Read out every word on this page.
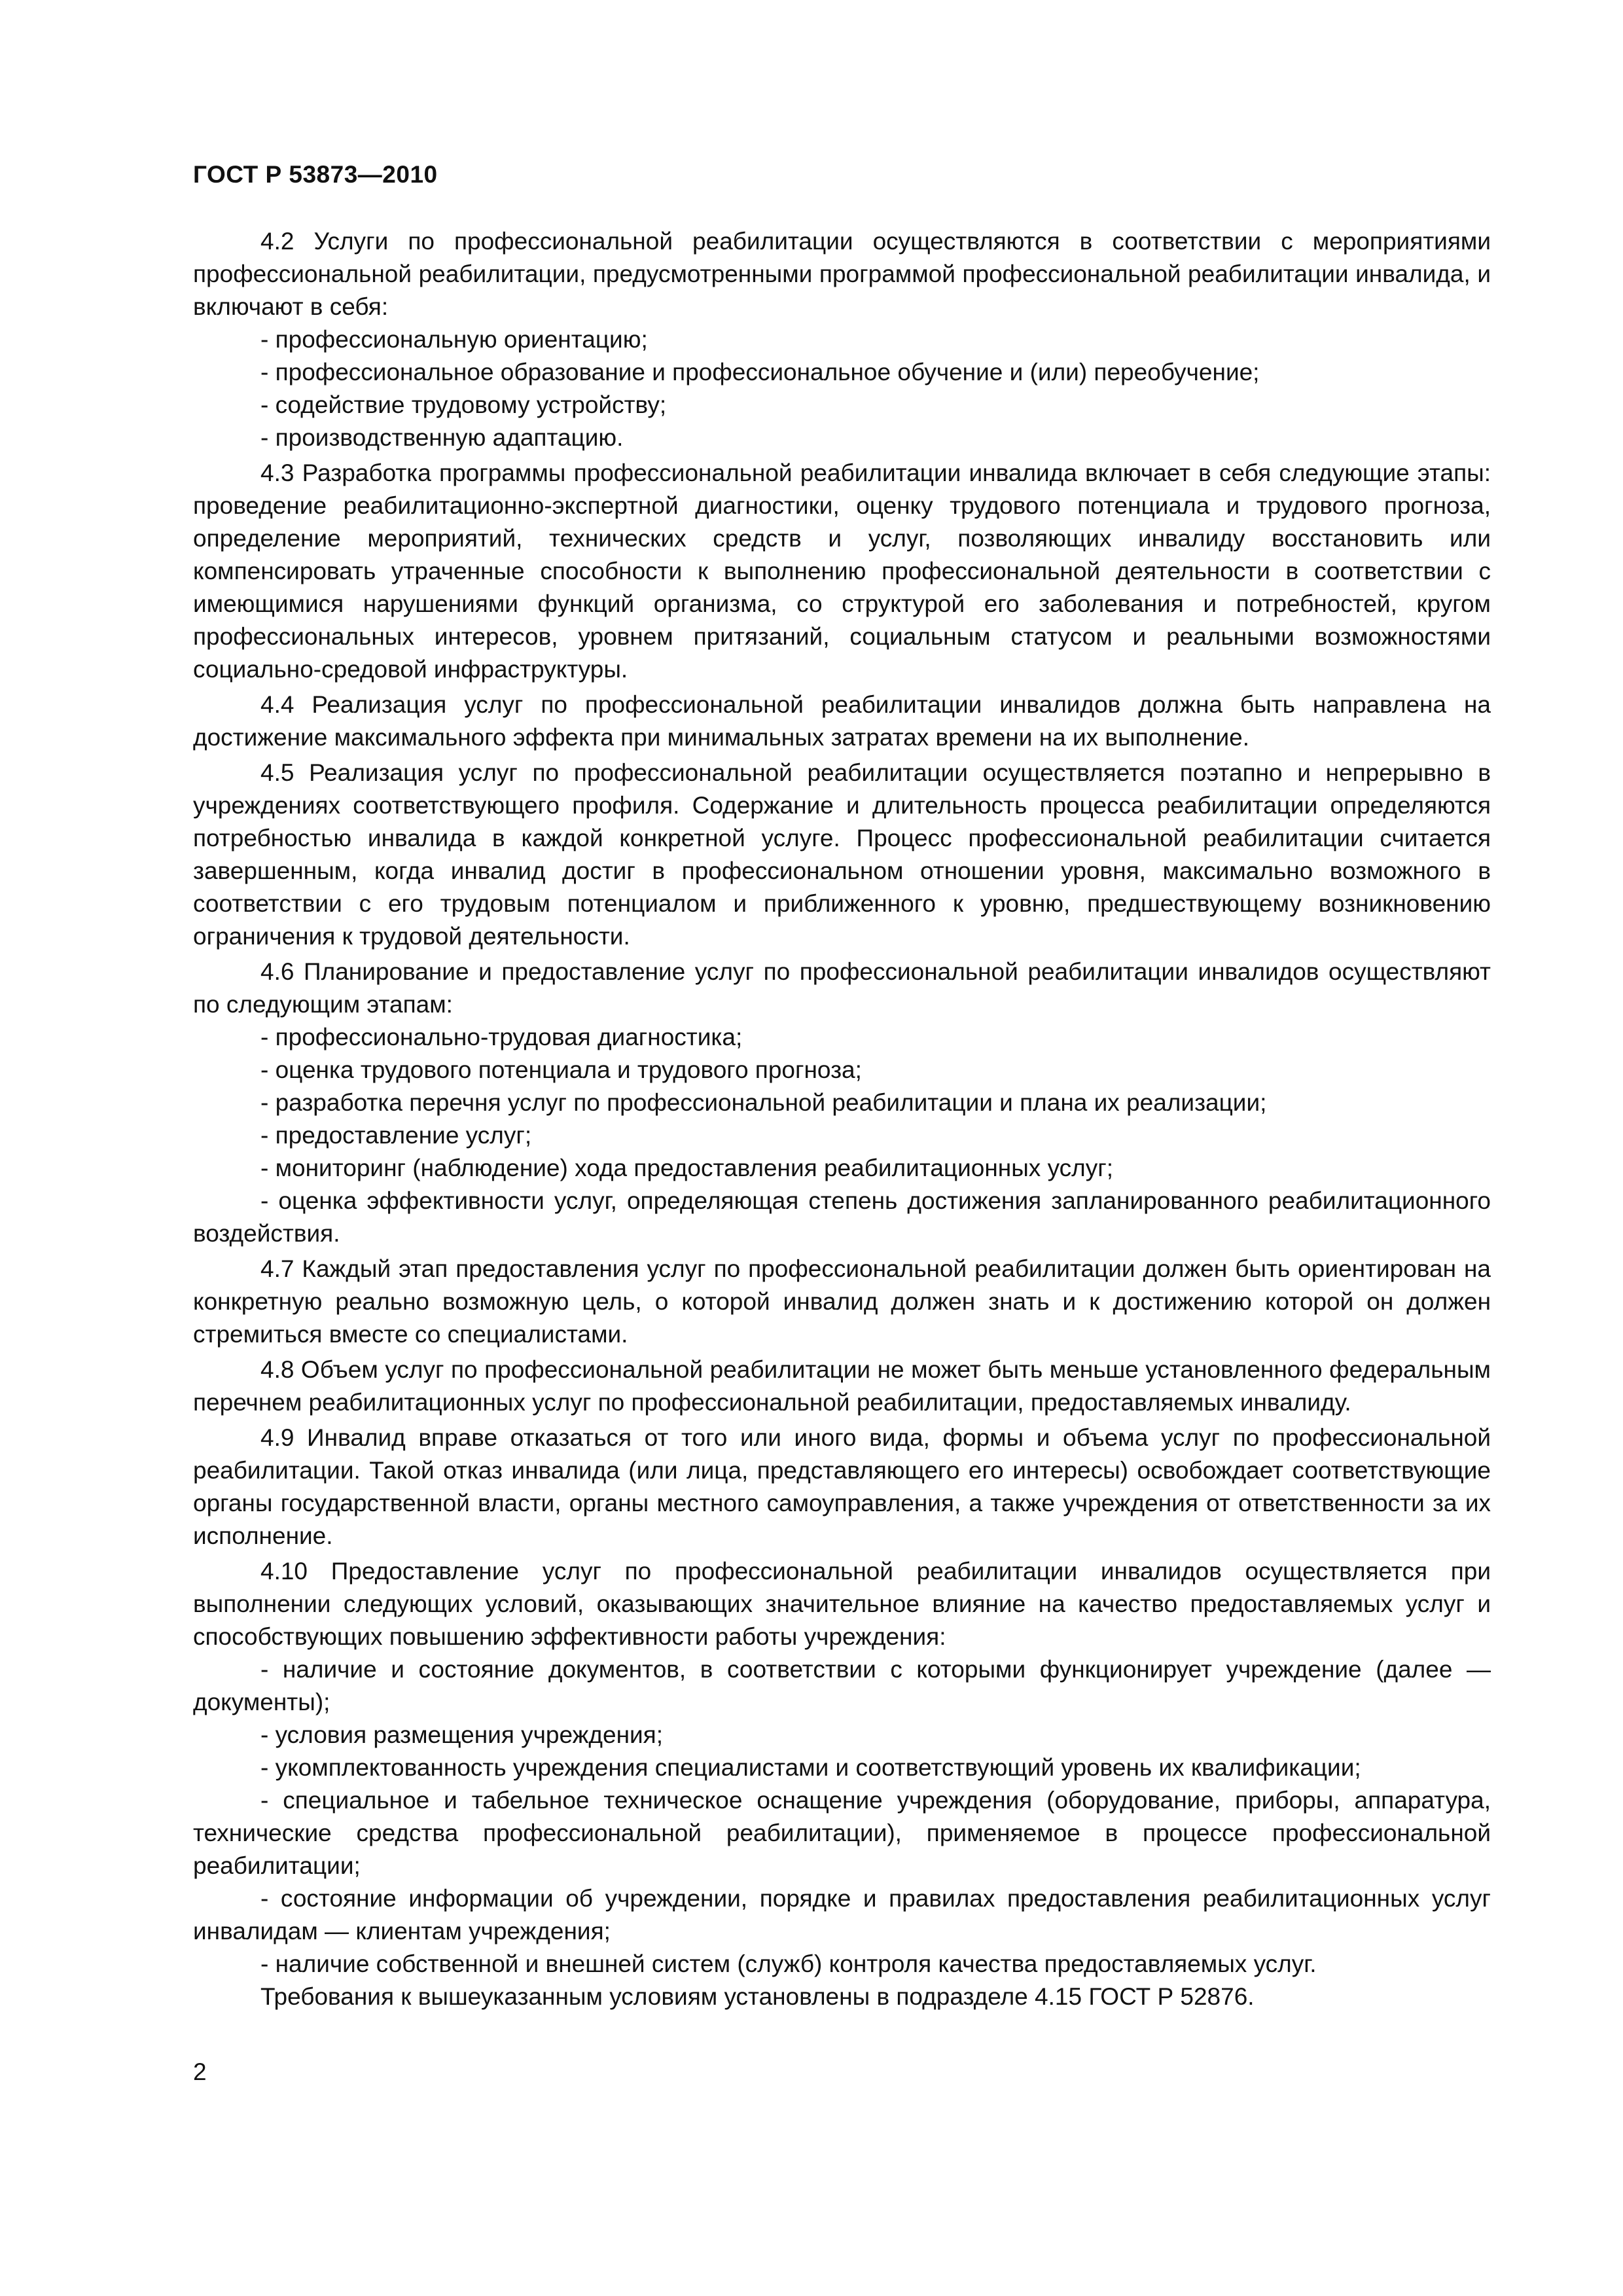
ГОСТ Р 53873—2010

4.2 Услуги по профессиональной реабилитации осуществляются в соответствии с мероприятиями профессиональной реабилитации, предусмотренными программой профессиональной реабилитации инвалида, и включают в себя:

- профессиональную ориентацию;

- профессиональное образование и профессиональное обучение и (или) переобучение;

- содействие трудовому устройству;

- производственную адаптацию.

4.3 Разработка программы профессиональной реабилитации инвалида включает в себя следующие этапы: проведение реабилитационно-экспертной диагностики, оценку трудового потенциала и трудового прогноза, определение мероприятий, технических средств и услуг, позволяющих инвалиду восстановить или компенсировать утраченные способности к выполнению профессиональной деятельности в соответствии с имеющимися нарушениями функций организма, со структурой его заболевания и потребностей, кругом профессиональных интересов, уровнем притязаний, социальным статусом и реальными возможностями социально-средовой инфраструктуры.

4.4 Реализация услуг по профессиональной реабилитации инвалидов должна быть направлена на достижение максимального эффекта при минимальных затратах времени на их выполнение.

4.5 Реализация услуг по профессиональной реабилитации осуществляется поэтапно и непрерывно в учреждениях соответствующего профиля. Содержание и длительность процесса реабилитации определяются потребностью инвалида в каждой конкретной услуге. Процесс профессиональной реабилитации считается завершенным, когда инвалид достиг в профессиональном отношении уровня, максимально возможного в соответствии с его трудовым потенциалом и приближенного к уровню, предшествующему возникновению ограничения к трудовой деятельности.

4.6 Планирование и предоставление услуг по профессиональной реабилитации инвалидов осуществляют по следующим этапам:

- профессионально-трудовая диагностика;

- оценка трудового потенциала и трудового прогноза;

- разработка перечня услуг по профессиональной реабилитации и плана их реализации;

- предоставление услуг;

- мониторинг (наблюдение) хода предоставления реабилитационных услуг;

- оценка эффективности услуг, определяющая степень достижения запланированного реабилитационного воздействия.

4.7 Каждый этап предоставления услуг по профессиональной реабилитации должен быть ориентирован на конкретную реально возможную цель, о которой инвалид должен знать и к достижению которой он должен стремиться вместе со специалистами.

4.8 Объем услуг по профессиональной реабилитации не может быть меньше установленного федеральным перечнем реабилитационных услуг по профессиональной реабилитации, предоставляемых инвалиду.

4.9 Инвалид вправе отказаться от того или иного вида, формы и объема услуг по профессиональной реабилитации. Такой отказ инвалида (или лица, представляющего его интересы) освобождает соответствующие органы государственной власти, органы местного самоуправления, а также учреждения от ответственности за их исполнение.

4.10 Предоставление услуг по профессиональной реабилитации инвалидов осуществляется при выполнении следующих условий, оказывающих значительное влияние на качество предоставляемых услуг и способствующих повышению эффективности работы учреждения:

- наличие и состояние документов, в соответствии с которыми функционирует учреждение (далее — документы);

- условия размещения учреждения;

- укомплектованность учреждения специалистами и соответствующий уровень их квалификации;

- специальное и табельное техническое оснащение учреждения (оборудование, приборы, аппаратура, технические средства профессиональной реабилитации), применяемое в процессе профессиональной реабилитации;

- состояние информации об учреждении, порядке и правилах предоставления реабилитационных услуг инвалидам — клиентам учреждения;

- наличие собственной и внешней систем (служб) контроля качества предоставляемых услуг.

Требования к вышеуказанным условиям установлены в подразделе 4.15 ГОСТ Р 52876.

2
